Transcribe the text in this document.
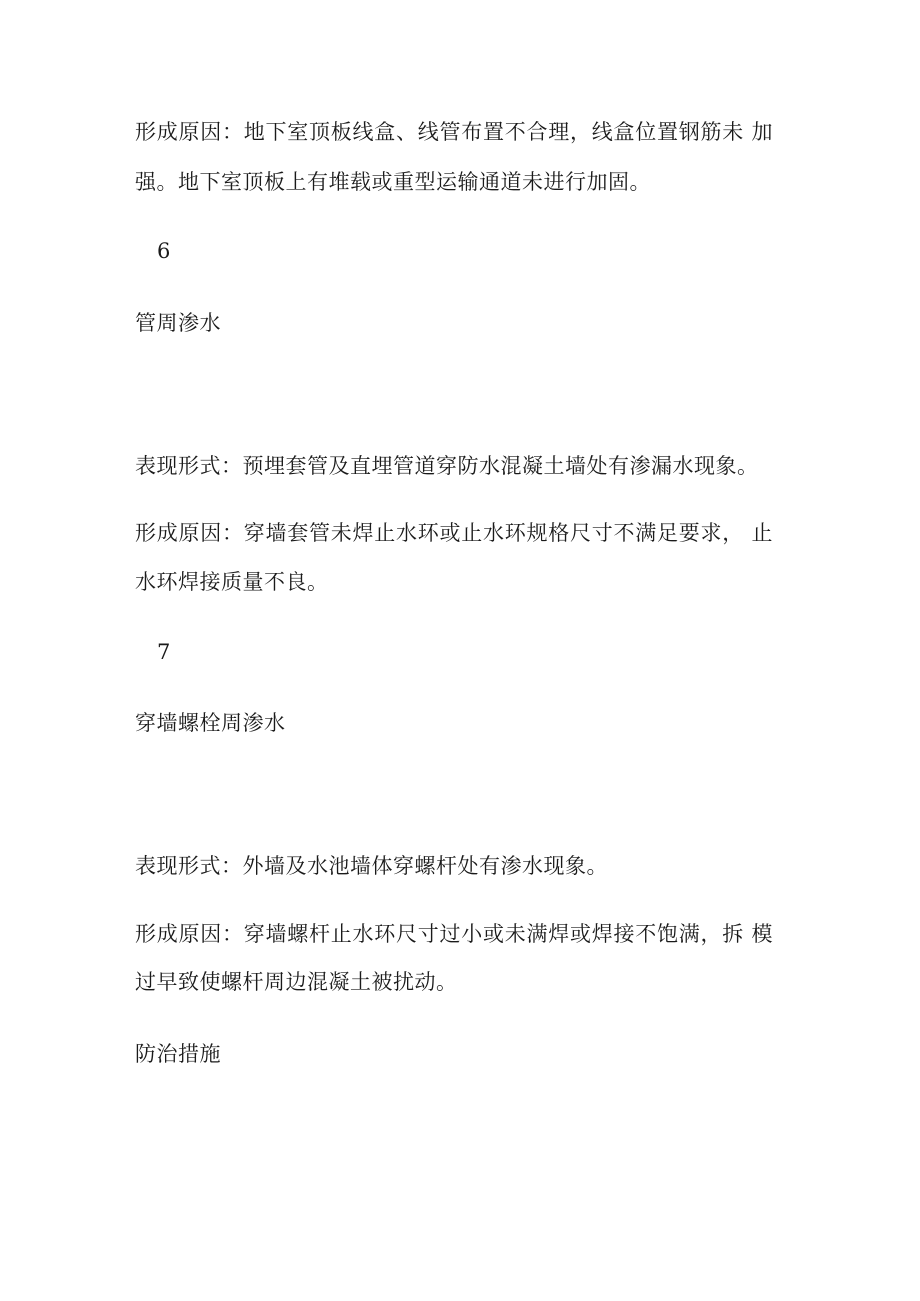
形成原因：地下室顶板线盒、线管布置不合理，线盒位置钢筋未 加
强。地下室顶板上有堆载或重型运输通道未进行加固。
6
管周渗水
表现形式：预埋套管及直埋管道穿防水混凝土墙处有渗漏水现象。
形成原因：穿墙套管未焊止水环或止水环规格尺寸不满足要求， 止
水环焊接质量不良。
7
穿墙螺栓周渗水
表现形式：外墙及水池墙体穿螺杆处有渗水现象。
形成原因：穿墙螺杆止水环尺寸过小或未满焊或焊接不饱满，拆 模
过早致使螺杆周边混凝土被扰动。
防治措施
